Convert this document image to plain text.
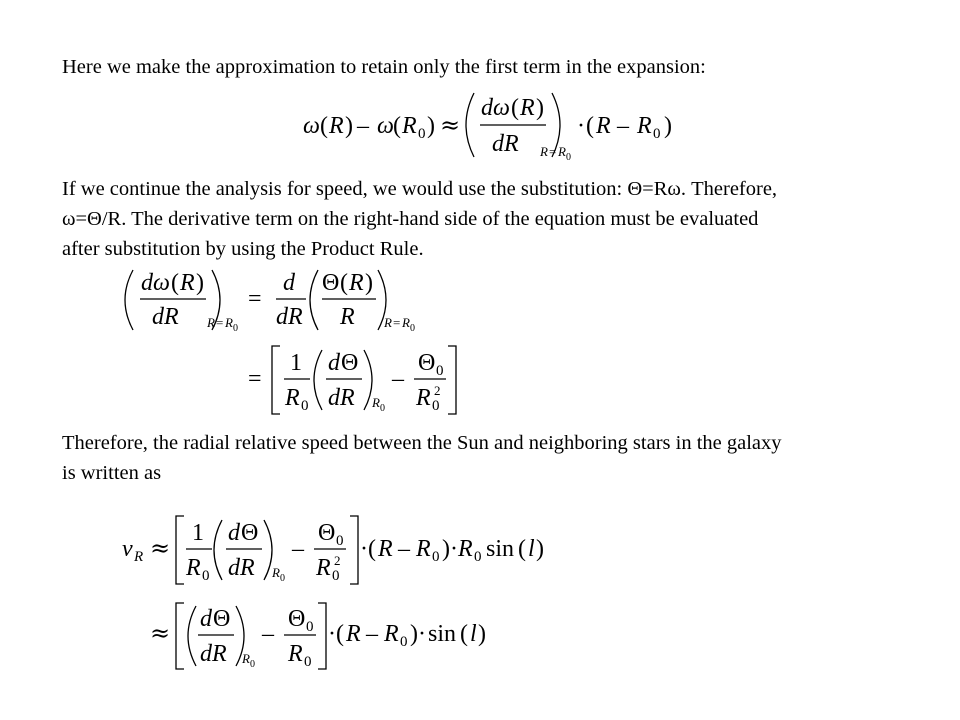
Here we make the approximation to retain only the first term in the expansion:

If we continue the analysis for speed, we would use the substitution: Θ=Rω. Therefore,

ω=Θ/R. The derivative term on the right-hand side of the equation must be evaluated

after substitution by using the Product Rule.

Therefore, the radial relative speed between the Sun and neighboring stars in the galaxy

is written as

ω ( R ) – ω ( R 0 ) ≈
dω ( R )
dR R = R 0
· ( R – R 0 )
dω ( R )
dR R = R 0
=
d
dR
Θ ( R )
R R = R 0
=
1
R 0
d Θ
dR R 0
–
Θ 0
R 0
2
v R ≈
1
R 0
d Θ
dR R 0
–
Θ 0
R 0
2 · ( R – R 0 ) · R 0 sin ( l )
≈ d Θ
dR R 0
–
Θ 0
R 0
· ( R – R 0 ) · sin ( l )
